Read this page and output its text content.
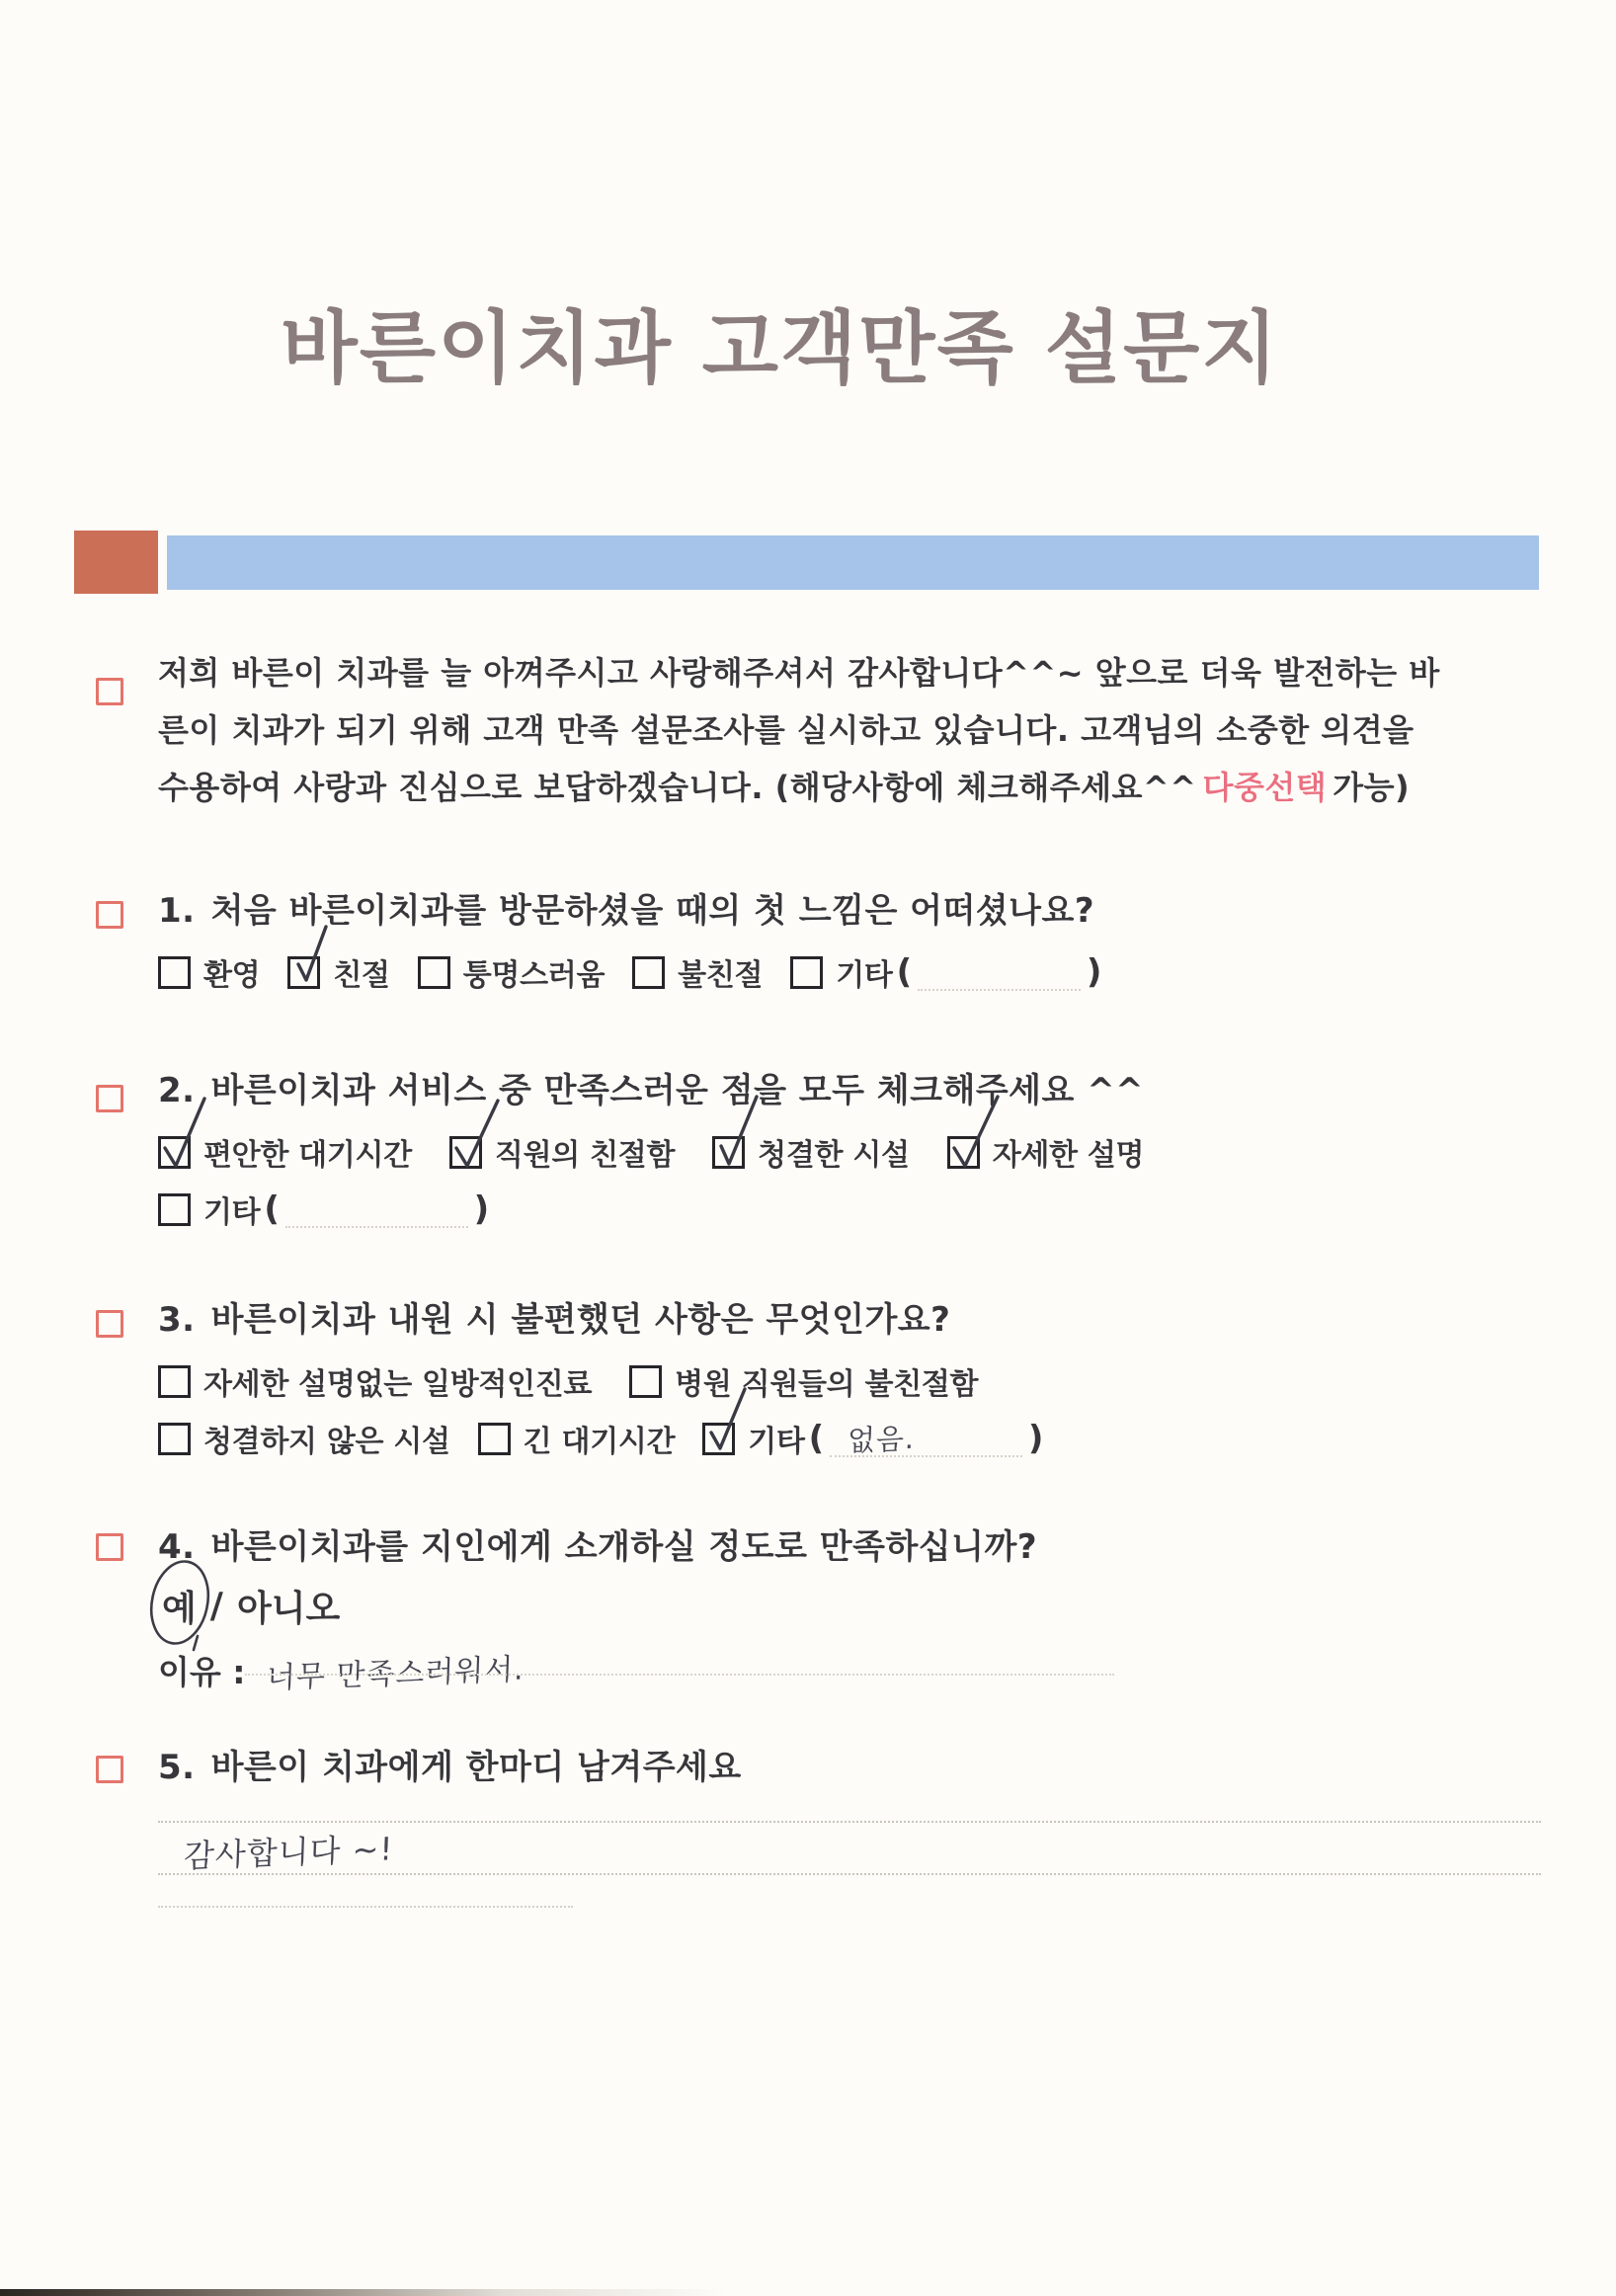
바른이치과 고객만족 설문지
저희 바른이 치과를 늘 아껴주시고 사랑해주셔서 감사합니다^^~ 앞으로 더욱 발전하는 바
른이 치과가 되기 위해 고객 만족 설문조사를 실시하고 있습니다. 고객님의 소중한 의견을
수용하여 사랑과 진심으로 보답하겠습니다. (해당사항에 체크해주세요^^ 다중선택 가능)
1. 처음 바른이치과를 방문하셨을 때의 첫 느낌은 어떠셨나요?
환영 친절 퉁명스러움 불친절 기타 (	)
2. 바른이치과 서비스 중 만족스러운 점을 모두 체크해주세요 ^^
편안한 대기시간	직원의 친절함	청결한 시설	자세한 설명
기타 (	)
3. 바른이치과 내원 시 불편했던 사항은 무엇인가요?
자세한 설명없는 일방적인진료	병원 직원들의 불친절함
청결하지 않은 시설 긴 대기시간 기타 ( 없음.	)
4. 바른이치과를 지인에게 소개하실 정도로 만족하십니까?
예 / 아니오
이유 : 너무 만족스러워서.
5. 바른이 치과에게 한마디 남겨주세요
감사합니다 ~!
